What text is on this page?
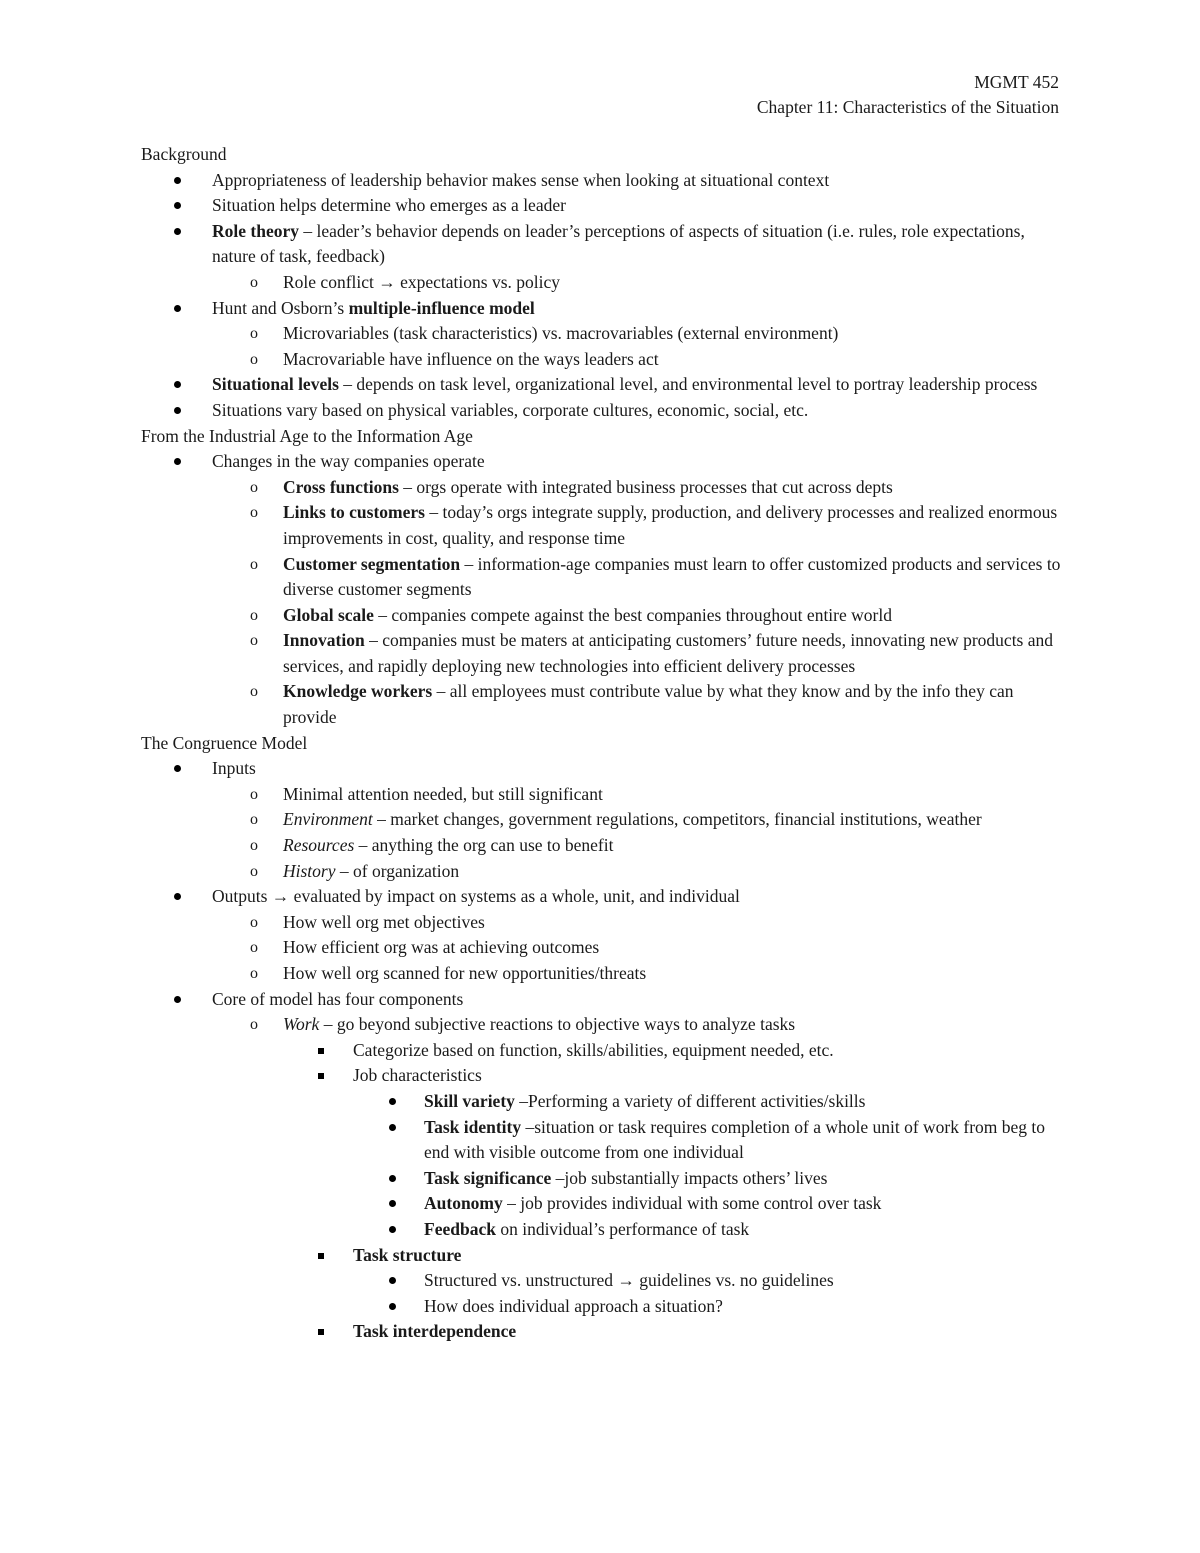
MGMT 452
Chapter 11: Characteristics of the Situation
Background
Appropriateness of leadership behavior makes sense when looking at situational context
Situation helps determine who emerges as a leader
Role theory – leader’s behavior depends on leader’s perceptions of aspects of situation (i.e. rules, role expectations, nature of task, feedback)
o Role conflict → expectations vs. policy
Hunt and Osborn’s multiple-influence model
o Microvariables (task characteristics) vs. macrovariables (external environment)
o Macrovariable have influence on the ways leaders act
Situational levels – depends on task level, organizational level, and environmental level to portray leadership process
Situations vary based on physical variables, corporate cultures, economic, social, etc.
From the Industrial Age to the Information Age
Changes in the way companies operate
o Cross functions – orgs operate with integrated business processes that cut across depts
o Links to customers – today’s orgs integrate supply, production, and delivery processes and realized enormous improvements in cost, quality, and response time
o Customer segmentation – information-age companies must learn to offer customized products and services to diverse customer segments
o Global scale – companies compete against the best companies throughout entire world
o Innovation – companies must be maters at anticipating customers’ future needs, innovating new products and services, and rapidly deploying new technologies into efficient delivery processes
o Knowledge workers – all employees must contribute value by what they know and by the info they can provide
The Congruence Model
Inputs
o Minimal attention needed, but still significant
o Environment – market changes, government regulations, competitors, financial institutions, weather
o Resources – anything the org can use to benefit
o History – of organization
Outputs → evaluated by impact on systems as a whole, unit, and individual
o How well org met objectives
o How efficient org was at achieving outcomes
o How well org scanned for new opportunities/threats
Core of model has four components
o Work – go beyond subjective reactions to objective ways to analyze tasks
Categorize based on function, skills/abilities, equipment needed, etc.
Job characteristics
Skill variety –Performing a variety of different activities/skills
Task identity –situation or task requires completion of a whole unit of work from beg to end with visible outcome from one individual
Task significance –job substantially impacts others’ lives
Autonomy – job provides individual with some control over task
Feedback on individual’s performance of task
Task structure
Structured vs. unstructured → guidelines vs. no guidelines
How does individual approach a situation?
Task interdependence
